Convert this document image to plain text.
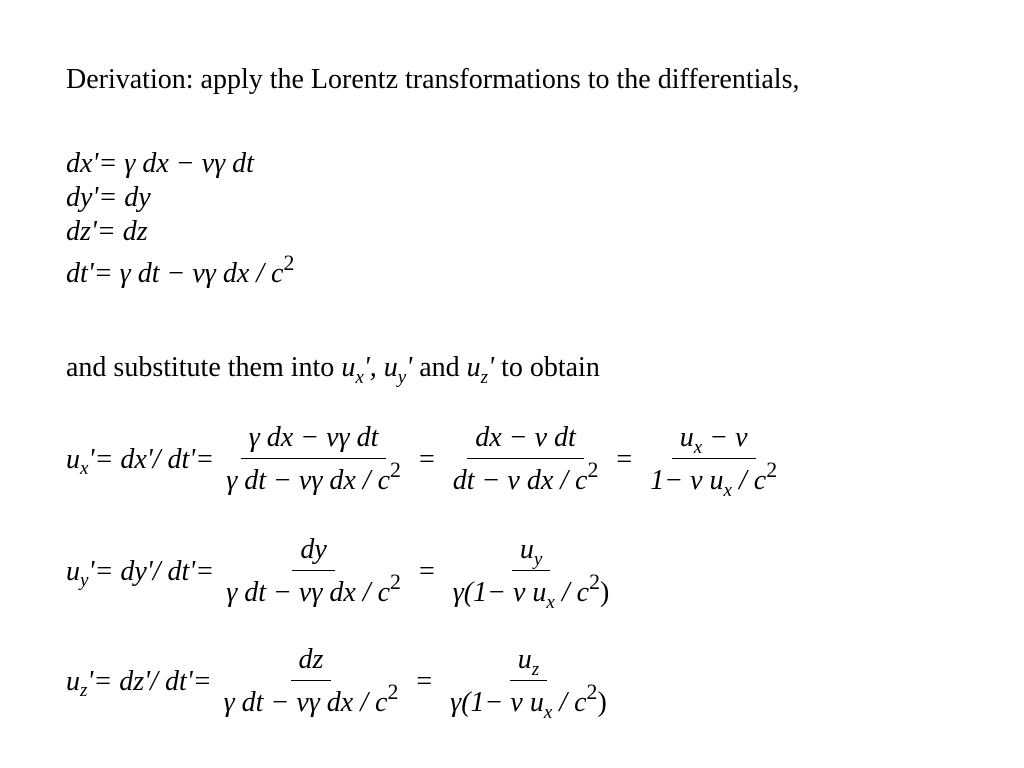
Derivation: apply the Lorentz transformations to the differentials,
dx'= γ dx − vγ dt
dy'= dy
dz'= dz
dt'= γ dt − vγ dx / $c^2$
and substitute them into $u_x'$, $u_y'$ and $u_z'$ to obtain
$u_x'= dx'/$ $dt'= \frac{\text{γ dx − vγ dt}}{\gamma dt - v\gamma dx / c^2} = \frac{\text{dx − v dt}}{dt - v dx / c^2} = \frac{u_x - v}{1- v u_x / c^2}$
$u_y'= dy'/$ $dt'= \frac{dy}{\gamma dt - v\gamma dx / c^2} = \frac{u_y}{\gamma(1- v u_x / c^2)}$
$u_z'= dz'/$ $dt'= \frac{dz}{\gamma dt - v\gamma dx / c^2} = \frac{u_z}{\gamma(1- v u_x / c^2)}$
